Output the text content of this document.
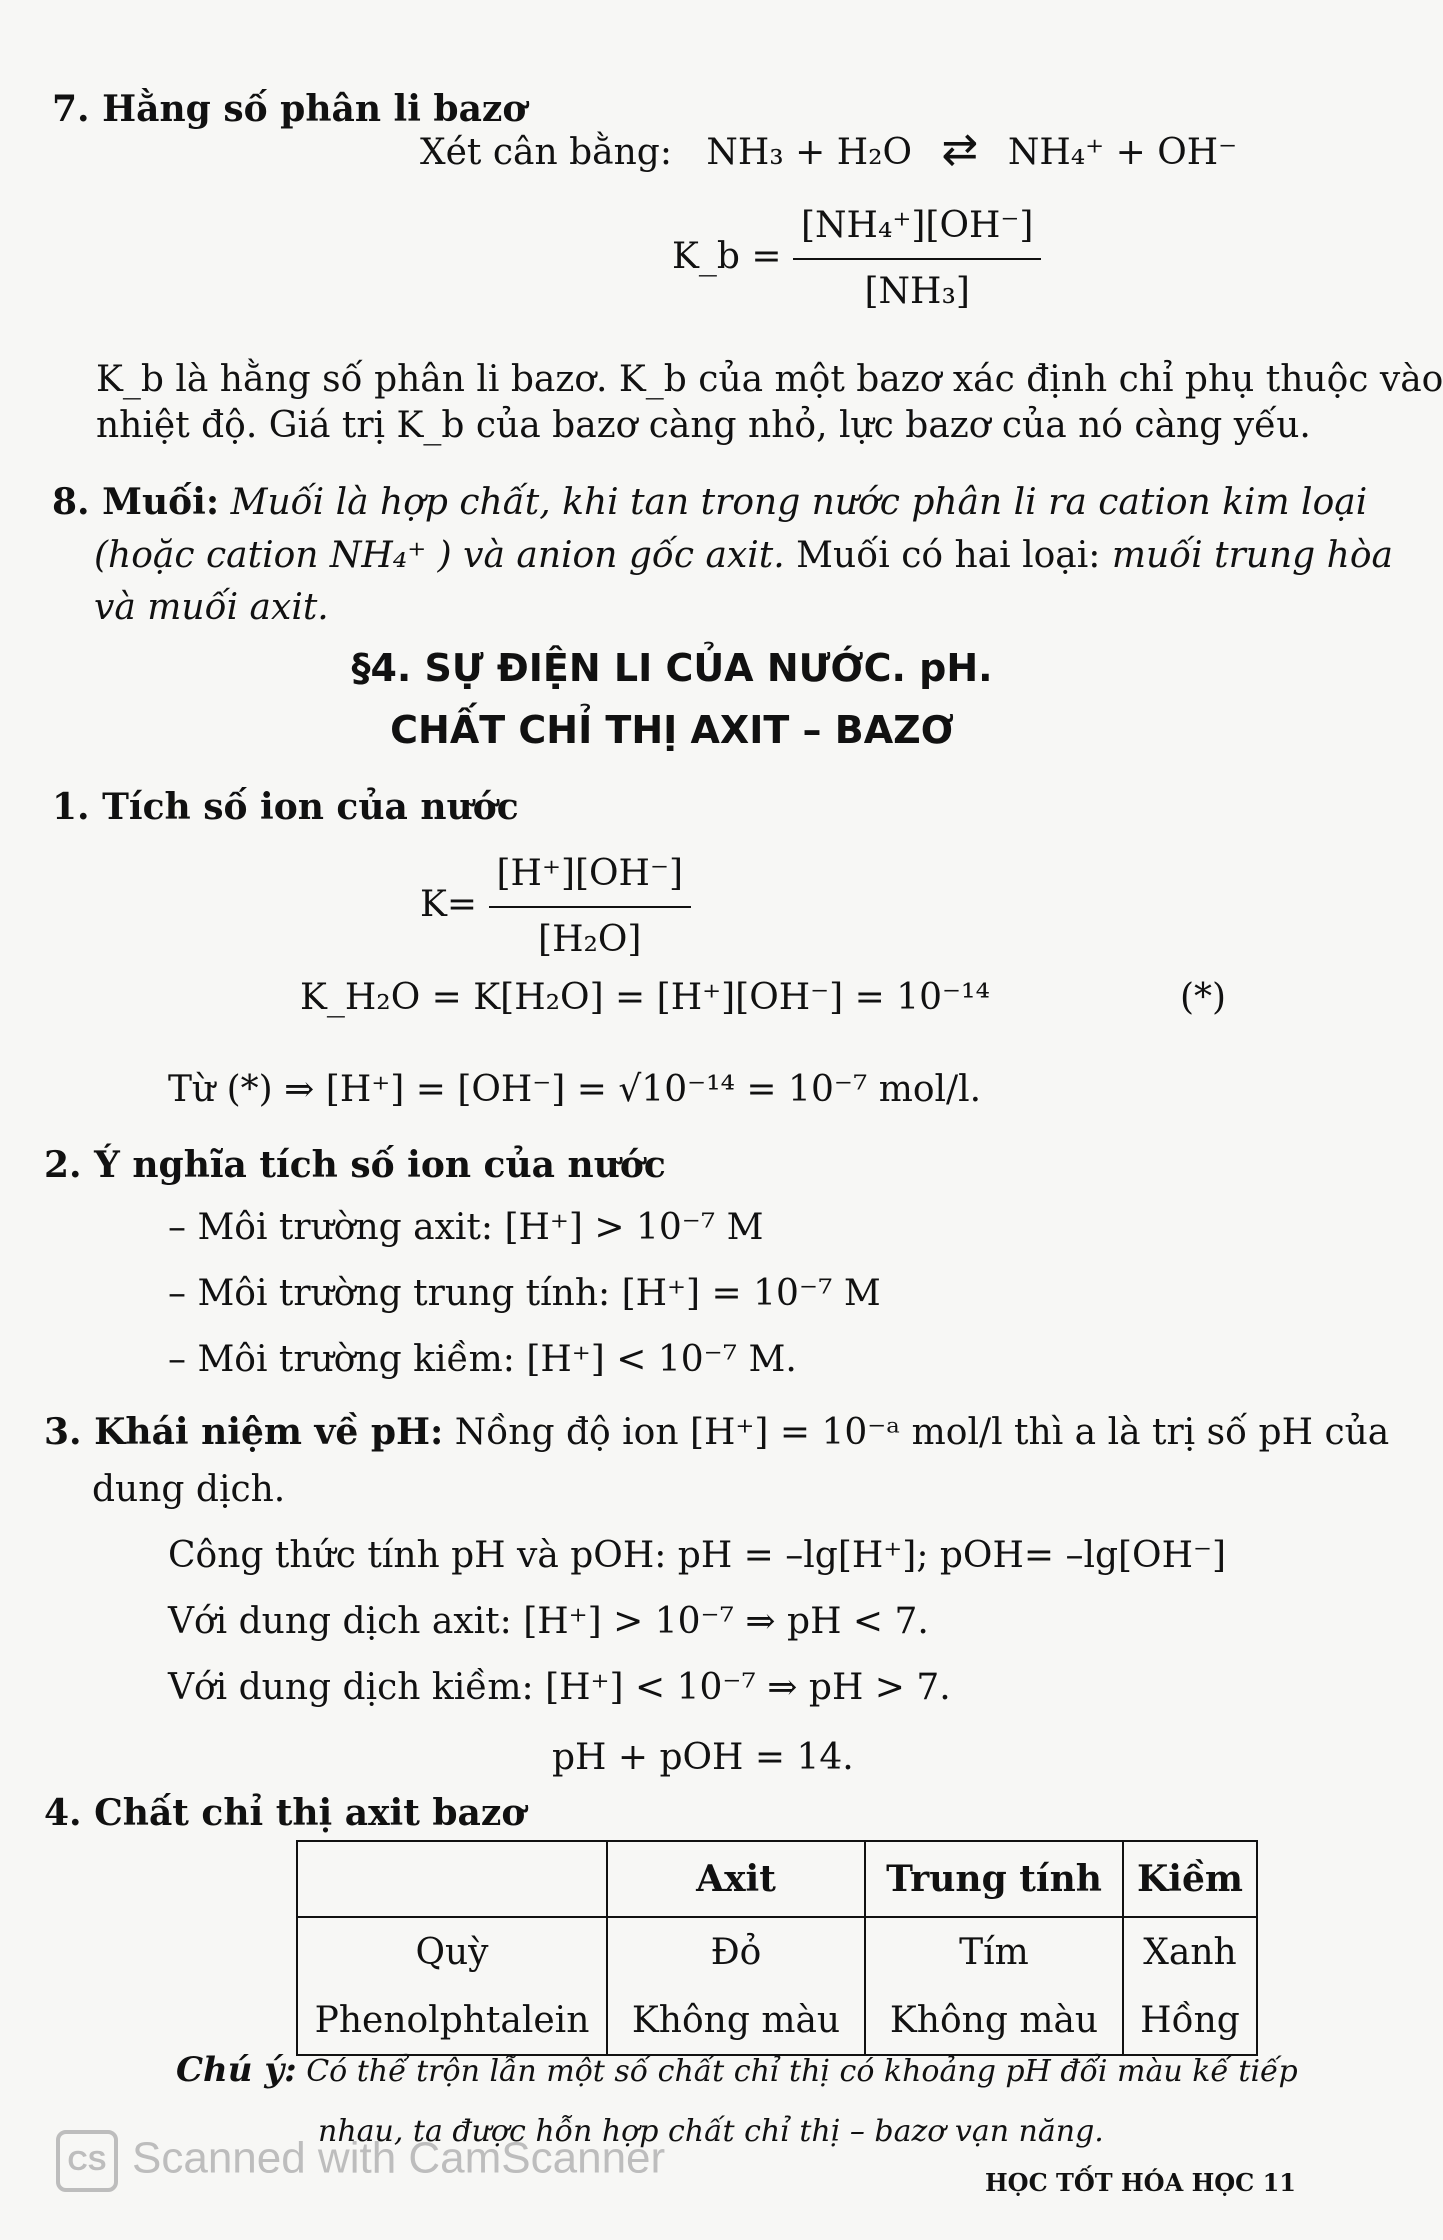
7. Hằng số phân li bazơ
Xét cân bằng: NH₃ + H₂O ⇄ NH₄⁺ + OH⁻
K_b = $\frac{\text{[NH₄⁺][OH⁻]}}{\text{[NH₃]}}$
K_b là hằng số phân li bazơ. K_b của một bazơ xác định chỉ phụ thuộc vào
nhiệt độ. Giá trị K_b của bazơ càng nhỏ, lực bazơ của nó càng yếu.
8. Muối: Muối là hợp chất, khi tan trong nước phân li ra cation kim loại
(hoặc cation NH₄⁺ ) và anion gốc axit. Muối có hai loại: muối trung hòa
và muối axit.
§4. SỰ ĐIỆN LI CỦA NƯỚC. pH.
CHẤT CHỈ THỊ AXIT – BAZƠ
1. Tích số ion của nước
$K= \frac{[H^+][OH^-]}{\text{[H₂O]}}$
K_H₂O = K[H₂O] = [H⁺][OH⁻] = 10⁻¹⁴	(*)
Từ (*) ⇒ [H⁺] = [OH⁻] = √10⁻¹⁴ = 10⁻⁷ mol/l.
2. Ý nghĩa tích số ion của nước
– Môi trường axit: [H⁺] > 10⁻⁷ M
– Môi trường trung tính: [H⁺] = 10⁻⁷ M
– Môi trường kiềm: [H⁺] < 10⁻⁷ M.
3. Khái niệm về pH: Nồng độ ion [H⁺] = 10⁻ᵃ mol/l thì a là trị số pH của
dung dịch.
Công thức tính pH và pOH: pH = –lg[H⁺]; pOH= –lg[OH⁻]
Với dung dịch axit: [H⁺] > 10⁻⁷ ⇒ pH < 7.
Với dung dịch kiềm: [H⁺] < 10⁻⁷ ⇒ pH > 7.
pH + pOH = 14.
4. Chất chỉ thị axit bazơ
	Axit	Trung tính	Kiềm
Quỳ	Đỏ	Tím	Xanh
Phenolphtalein	Không màu	Không màu	Hồng
Chú ý: Có thể trộn lẫn một số chất chỉ thị có khoảng pH đổi màu kế tiếp
nhau, ta được hỗn hợp chất chỉ thị – bazơ vạn năng.
CS Scanned with CamScanner	HỌC TỐT HÓA HỌC 11
